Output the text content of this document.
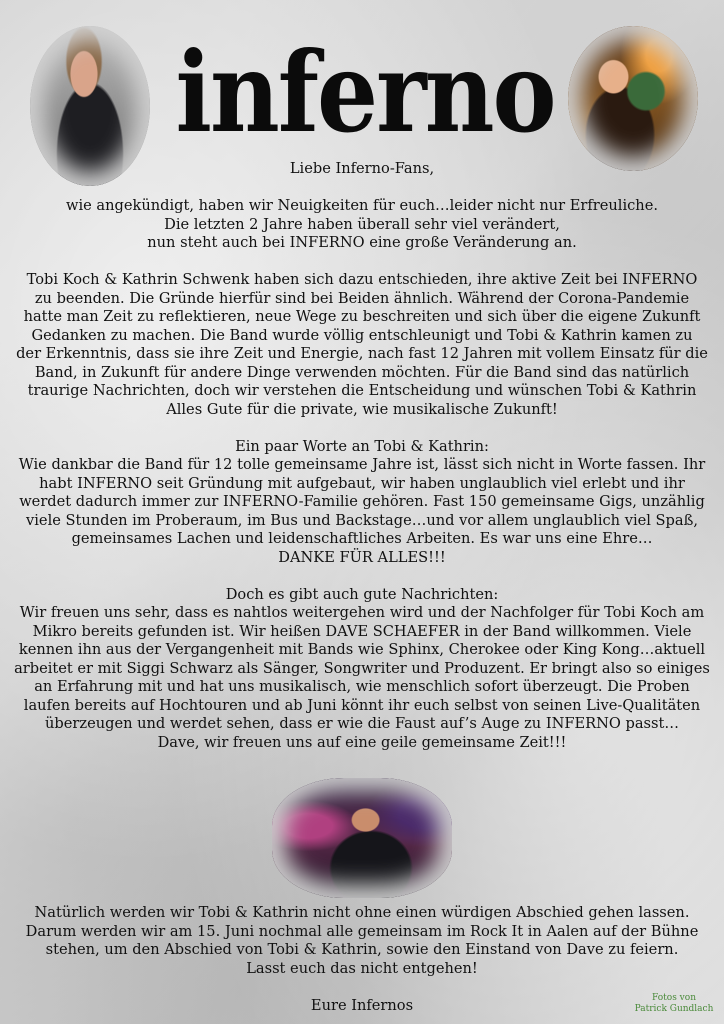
inferno

Liebe Inferno-Fans,

wie angekündigt, haben wir Neuigkeiten für euch…leider nicht nur Erfreuliche.

Die letzten 2 Jahre haben überall sehr viel verändert,

nun steht auch bei INFERNO eine große Veränderung an.

Tobi Koch & Kathrin Schwenk haben sich dazu entschieden, ihre aktive Zeit bei INFERNO

zu beenden. Die Gründe hierfür sind bei Beiden ähnlich. Während der Corona-Pandemie

hatte man Zeit zu reflektieren, neue Wege zu beschreiten und sich über die eigene Zukunft

Gedanken zu machen. Die Band wurde völlig entschleunigt und Tobi & Kathrin kamen zu

der Erkenntnis, dass sie ihre Zeit und Energie, nach fast 12 Jahren mit vollem Einsatz für die

Band, in Zukunft für andere Dinge verwenden möchten. Für die Band sind das natürlich

traurige Nachrichten, doch wir verstehen die Entscheidung und wünschen Tobi & Kathrin

Alles Gute für die private, wie musikalische Zukunft!

Ein paar Worte an Tobi & Kathrin:

Wie dankbar die Band für 12 tolle gemeinsame Jahre ist, lässt sich nicht in Worte fassen. Ihr

habt INFERNO seit Gründung mit aufgebaut, wir haben unglaublich viel erlebt und ihr

werdet dadurch immer zur INFERNO-Familie gehören. Fast 150 gemeinsame Gigs, unzählig

viele Stunden im Proberaum, im Bus und Backstage…und vor allem unglaublich viel Spaß,

gemeinsames Lachen und leidenschaftliches Arbeiten. Es war uns eine Ehre…

DANKE FÜR ALLES!!!

Doch es gibt auch gute Nachrichten:

Wir freuen uns sehr, dass es nahtlos weitergehen wird und der Nachfolger für Tobi Koch am

Mikro bereits gefunden ist. Wir heißen DAVE SCHAEFER in der Band willkommen. Viele

kennen ihn aus der Vergangenheit mit Bands wie Sphinx, Cherokee oder King Kong…aktuell

arbeitet er mit Siggi Schwarz als Sänger, Songwriter und Produzent. Er bringt also so einiges

an Erfahrung mit und hat uns musikalisch, wie menschlich sofort überzeugt. Die Proben

laufen bereits auf Hochtouren und ab Juni könnt ihr euch selbst von seinen Live-Qualitäten

überzeugen und werdet sehen, dass er wie die Faust auf’s Auge zu INFERNO passt…

Dave, wir freuen uns auf eine geile gemeinsame Zeit!!!

Natürlich werden wir Tobi & Kathrin nicht ohne einen würdigen Abschied gehen lassen.

Darum werden wir am 15. Juni nochmal alle gemeinsam im Rock It in Aalen auf der Bühne

stehen, um den Abschied von Tobi & Kathrin, sowie den Einstand von Dave zu feiern.

Lasst euch das nicht entgehen!

Eure Infernos	Fotos von
Patrick Gundlach
